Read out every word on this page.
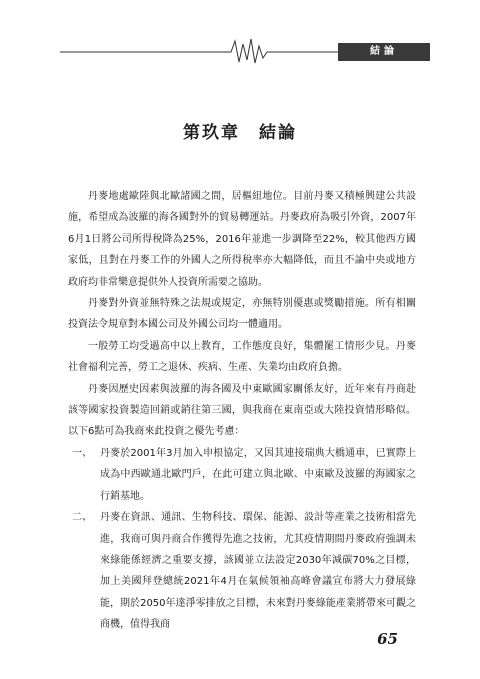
結論
第玖章　結論

丹麥地處歐陸與北歐諸國之間，居樞紐地位。目前丹麥又積極興建公共設施，希望成為波羅的海各國對外的貿易轉運站。丹麥政府為吸引外資，2007年6月1日將公司所得稅降為25%，2016年並進一步調降至22%，較其他西方國家低，且對在丹麥工作的外國人之所得稅率亦大幅降低，而且不論中央或地方政府均非常樂意提供外人投資所需要之協助。

丹麥對外資並無特殊之法規或規定，亦無特別優惠或獎勵措施。所有相關投資法令規章對本國公司及外國公司均一體適用。

一般勞工均受過高中以上教育，工作態度良好，集體罷工情形少見。丹麥社會福利完善，勞工之退休、疾病、生產、失業均由政府負擔。

丹麥因歷史因素與波羅的海各國及中東歐國家關係友好，近年來有丹商赴該等國家投資製造回銷或銷往第三國，與我商在東南亞或大陸投資情形略似。以下6點可為我商來此投資之優先考慮：

一、 丹麥於2001年3月加入申根協定，又因其連接瑞典大橋通車，已實際上成為中西歐通北歐門戶，在此可建立與北歐、中東歐及波羅的海國家之行銷基地。
二、 丹麥在資訊、通訊、生物科技、環保、能源、設計等產業之技術相當先進，我商可與丹商合作獲得先進之技術，尤其疫情期間丹麥政府強調未來綠能係經濟之重要支撐，該國並立法設定2030年減碳70%之目標，加上美國拜登總統2021年4月在氣候領袖高峰會議宣布將大力發展綠能，期於2050年達淨零排放之目標，未來對丹麥綠能產業將帶來可觀之商機，值得我商
65
